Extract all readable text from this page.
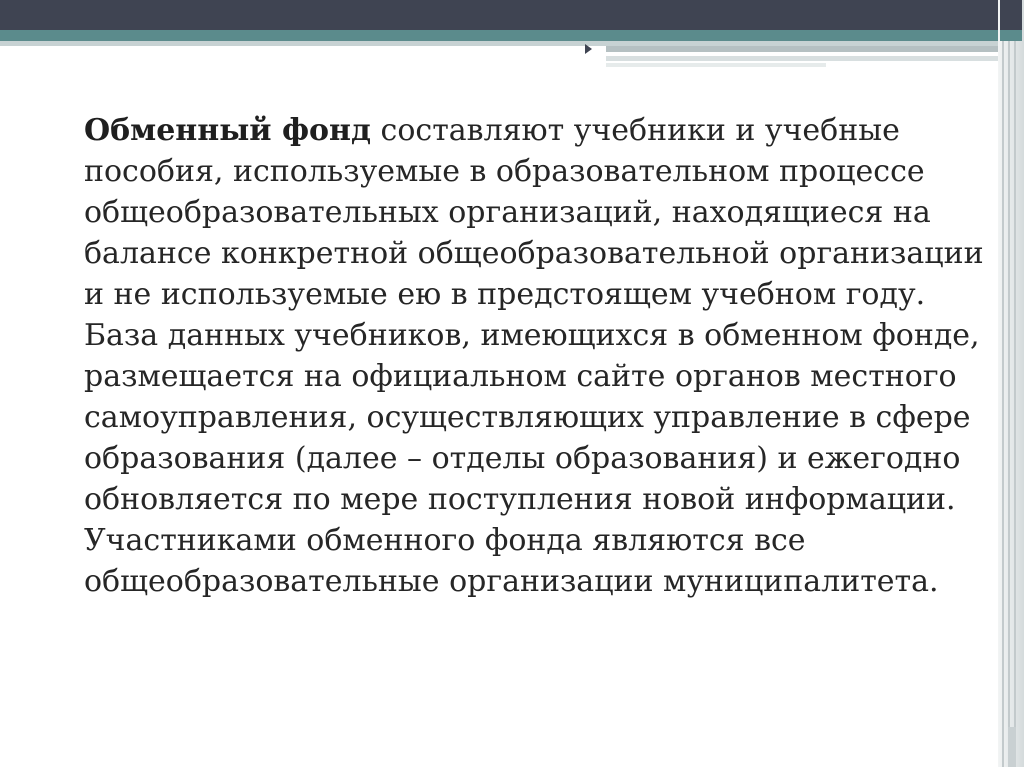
Обменный фонд составляют учебники и учебные пособия, используемые в образовательном процессе общеобразовательных организаций, находящиеся на балансе конкретной общеобразовательной организации и не используемые ею в предстоящем учебном году. База данных учебников, имеющихся в обменном фонде, размещается на официальном сайте органов местного самоуправления, осуществляющих управление в сфере образования (далее – отделы образования) и ежегодно обновляется по мере поступления новой информации. Участниками обменного фонда являются все общеобразовательные организации муниципалитета.
